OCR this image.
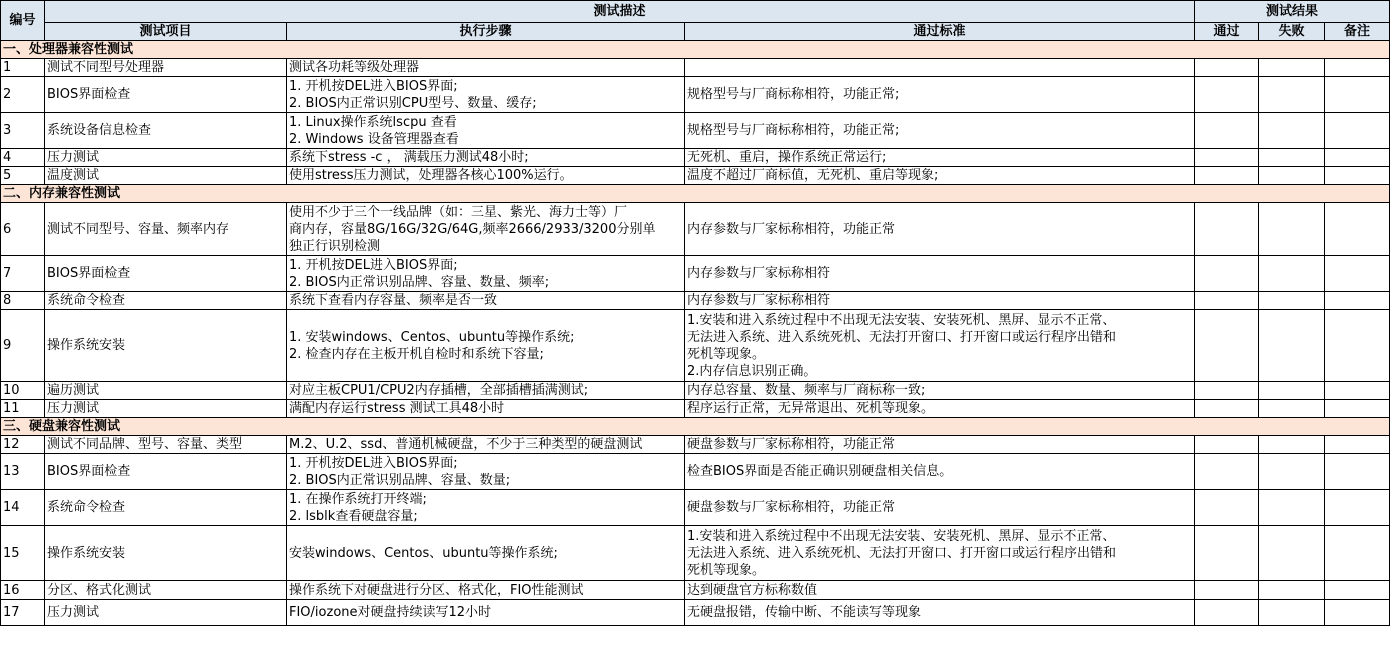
编号	测试描述			测试结果		
	测试项目	执行步骤	通过标准	通过	失败	备注
一、处理器兼容性测试						
1	测试不同型号处理器	测试各功耗等级处理器				
2	BIOS界面检查	1. 开机按DEL进入BIOS界面;
2. BIOS内正常识别CPU型号、数量、缓存;	规格型号与厂商标称相符，功能正常;			
3	系统设备信息检查	1. Linux操作系统lscpu 查看
2. Windows 设备管理器查看	规格型号与厂商标称相符，功能正常;			
4	压力测试	系统下stress -c ， 满载压力测试48小时;	无死机、重启，操作系统正常运行;			
5	温度测试	使用stress压力测试，处理器各核心100%运行。	温度不超过厂商标值，无死机、重启等现象;			
二、内存兼容性测试						
6	测试不同型号、容量、频率内存	使用不少于三个一线品牌（如：三星、紫光、海力士等）厂
商内存，容量8G/16G/32G/64G,频率2666/2933/3200分别单
独正行识别检测	内存参数与厂家标称相符，功能正常			
7	BIOS界面检查	1. 开机按DEL进入BIOS界面;
2. BIOS内正常识别品牌、容量、数量、频率;	内存参数与厂家标称相符			
8	系统命令检查	系统下查看内存容量、频率是否一致	内存参数与厂家标称相符			
9	操作系统安装	1. 安装windows、Centos、ubuntu等操作系统;
2. 检查内存在主板开机自检时和系统下容量;	1.安装和进入系统过程中不出现无法安装、安装死机、黑屏、显示不正常、
无法进入系统、进入系统死机、无法打开窗口、打开窗口或运行程序出错和
死机等现象。
2.内存信息识别正确。			
10	遍历测试	对应主板CPU1/CPU2内存插槽，全部插槽插满测试;	内存总容量、数量、频率与厂商标称一致;			
11	压力测试	满配内存运行stress 测试工具48小时	程序运行正常，无异常退出、死机等现象。			
三、硬盘兼容性测试						
12	测试不同品牌、型号、容量、类型	M.2、U.2、ssd、普通机械硬盘，不少于三种类型的硬盘测试	硬盘参数与厂家标称相符，功能正常			
13	BIOS界面检查	1. 开机按DEL进入BIOS界面;
2. BIOS内正常识别品牌、容量、数量;	检查BIOS界面是否能正确识别硬盘相关信息。			
14	系统命令检查	1. 在操作系统打开终端;
2. lsblk查看硬盘容量;	硬盘参数与厂家标称相符，功能正常			
15	操作系统安装	安装windows、Centos、ubuntu等操作系统;	1.安装和进入系统过程中不出现无法安装、安装死机、黑屏、显示不正常、
无法进入系统、进入系统死机、无法打开窗口、打开窗口或运行程序出错和
死机等现象。			
16	分区、格式化测试	操作系统下对硬盘进行分区、格式化，FIO性能测试	达到硬盘官方标称数值			
17	压力测试	FIO/iozone对硬盘持续读写12小时	无硬盘报错，传输中断、不能读写等现象			
